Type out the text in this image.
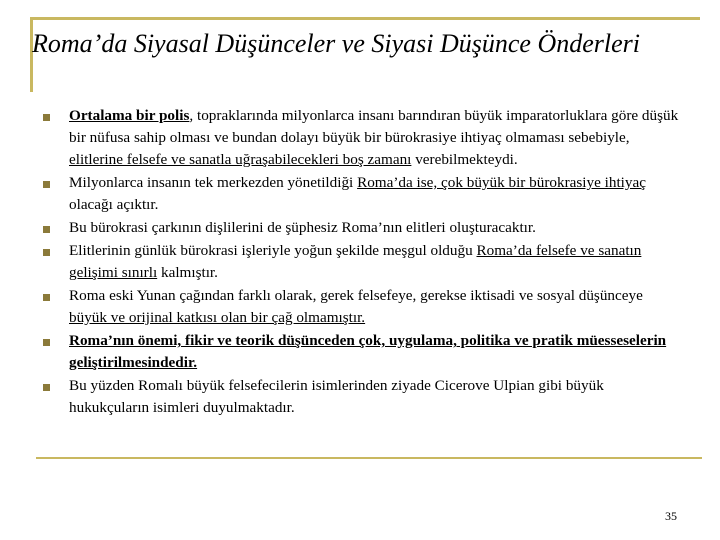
Roma’da Siyasal Düşünceler ve Siyasi Düşünce Önderleri
Ortalama bir polis, topraklarında milyonlarca insanı barındıran büyük imparatorluklara göre düşük bir nüfusa sahip olması ve bundan dolayı büyük bir bürokrasiye ihtiyaç olmaması sebebiyle, elitlerine felsefe ve sanatla uğraşabilecekleri boş zamanı verebilmekteydi.
Milyonlarca insanın tek merkezden yönetildiği Roma’da ise, çok büyük bir bürokrasiye ihtiyaç olacağı açıktır.
Bu bürokrasi çarkının dişlilerini de şüphesiz Roma’nın elitleri oluşturacaktır.
Elitlerinin günlük bürokrasi işleriyle yoğun şekilde meşgul olduğu Roma’da felsefe ve sanatın gelişimi sınırlı kalmıştır.
Roma eski Yunan çağından farklı olarak, gerek felsefeye, gerekse iktisadi ve sosyal düşünceye büyük ve orijinal katkısı olan bir çağ olmamıştır.
Roma’nın önemi, fikir ve teorik düşünceden çok, uygulama, politika ve pratik müesseselerin geliştirilmesindedir.
Bu yüzden Romalı büyük felsefecilerin isimlerinden ziyade Cicerove Ulpian gibi büyük hukukçuların isimleri duyulmaktadır.
35
